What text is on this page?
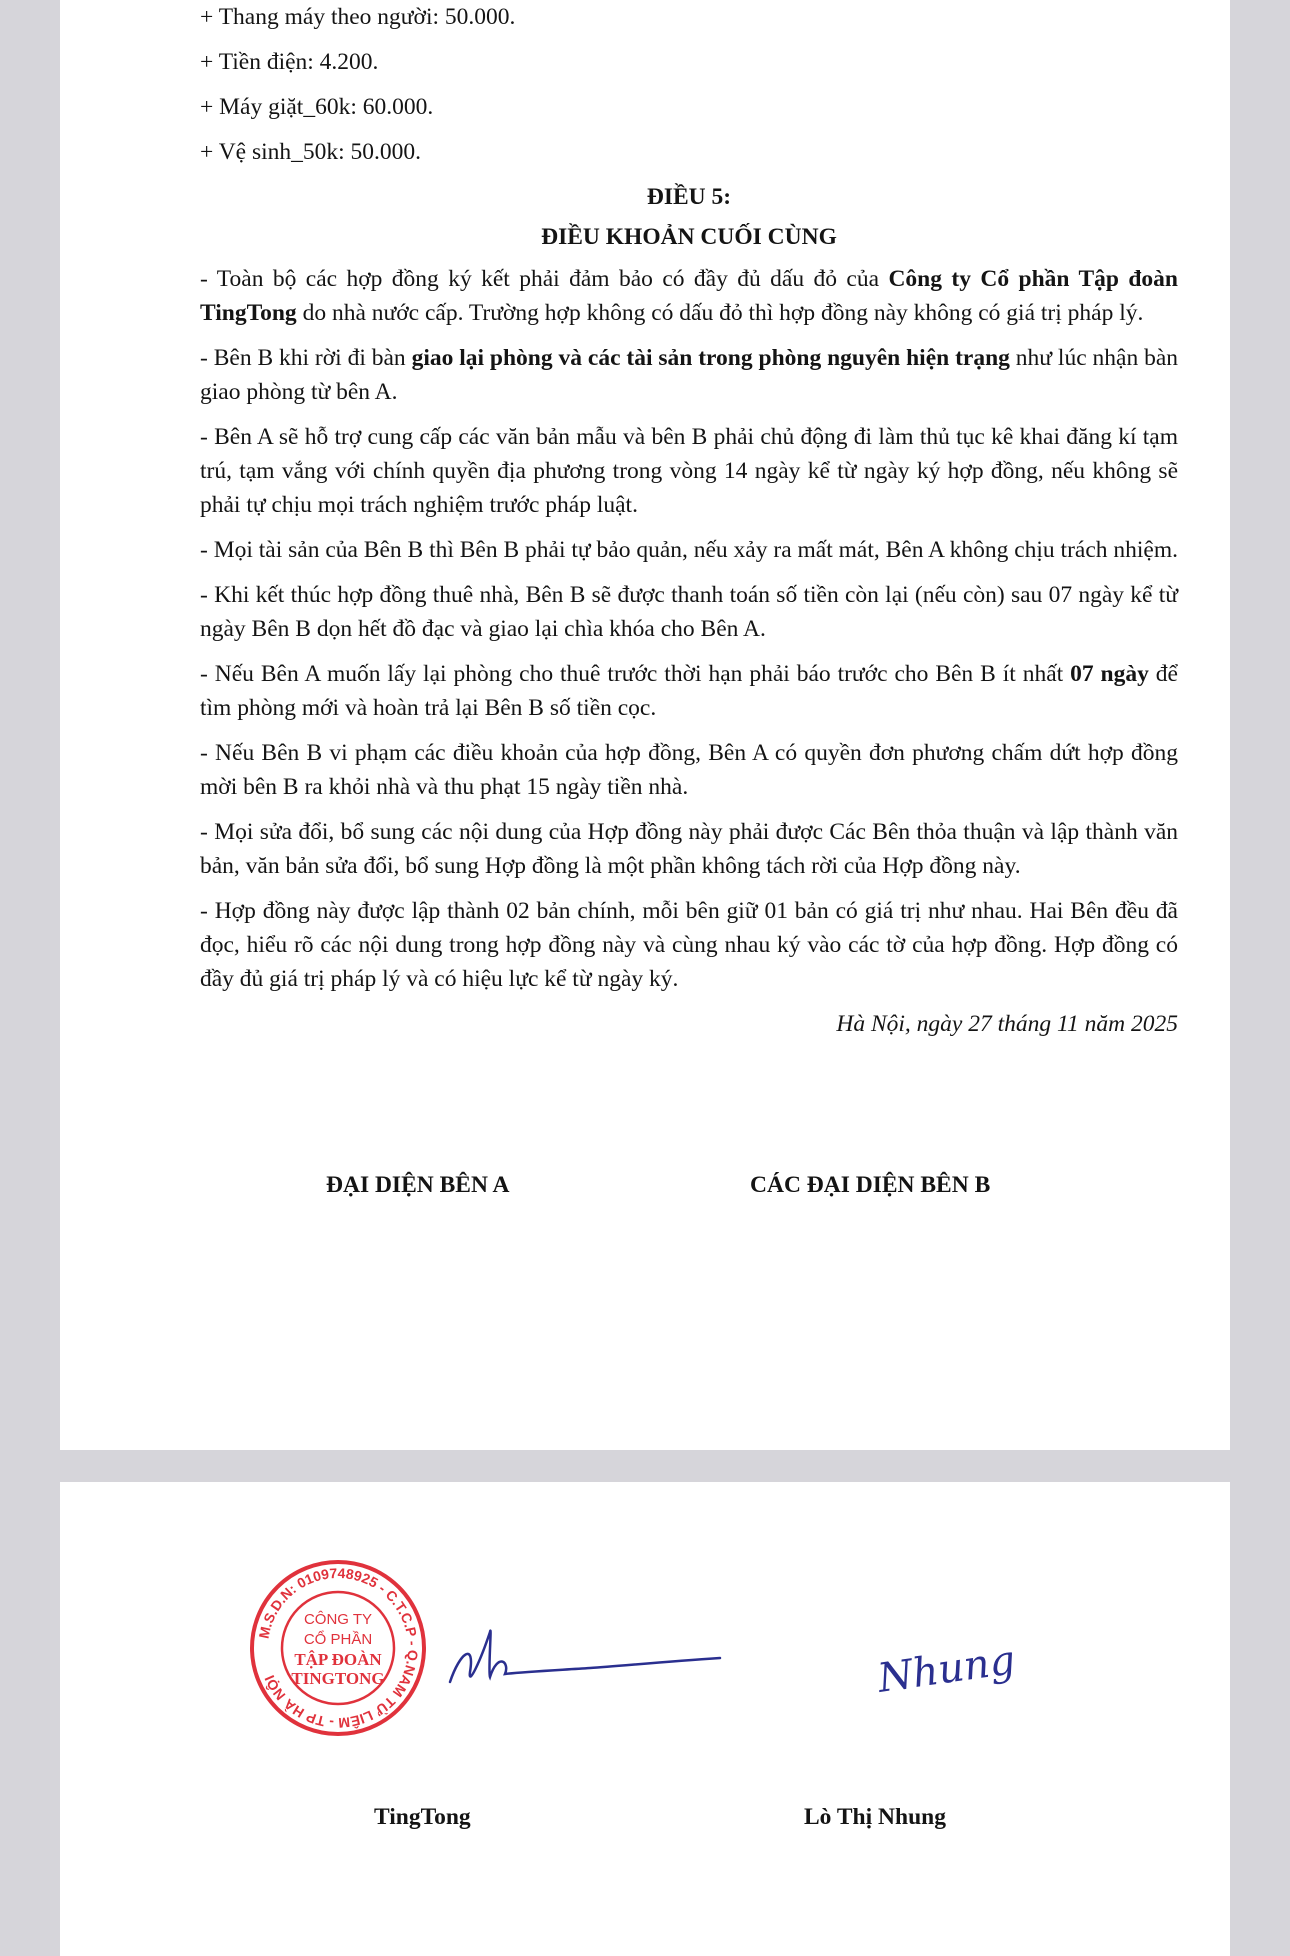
+ Thang máy theo người: 50.000.

+ Tiền điện: 4.200.

+ Máy giặt_60k: 60.000.

+ Vệ sinh_50k: 50.000.

ĐIỀU 5:

ĐIỀU KHOẢN CUỐI CÙNG

- Toàn bộ các hợp đồng ký kết phải đảm bảo có đầy đủ dấu đỏ của Công ty Cổ phần Tập đoàn TingTong do nhà nước cấp. Trường hợp không có dấu đỏ thì hợp đồng này không có giá trị pháp lý.

- Bên B khi rời đi bàn giao lại phòng và các tài sản trong phòng nguyên hiện trạng như lúc nhận bàn giao phòng từ bên A.

- Bên A sẽ hỗ trợ cung cấp các văn bản mẫu và bên B phải chủ động đi làm thủ tục kê khai đăng kí tạm trú, tạm vắng với chính quyền địa phương trong vòng 14 ngày kể từ ngày ký hợp đồng, nếu không sẽ phải tự chịu mọi trách nghiệm trước pháp luật.

- Mọi tài sản của Bên B thì Bên B phải tự bảo quản, nếu xảy ra mất mát, Bên A không chịu trách nhiệm.

- Khi kết thúc hợp đồng thuê nhà, Bên B sẽ được thanh toán số tiền còn lại (nếu còn) sau 07 ngày kể từ ngày Bên B dọn hết đồ đạc và giao lại chìa khóa cho Bên A.

- Nếu Bên A muốn lấy lại phòng cho thuê trước thời hạn phải báo trước cho Bên B ít nhất 07 ngày để tìm phòng mới và hoàn trả lại Bên B số tiền cọc.

- Nếu Bên B vi phạm các điều khoản của hợp đồng, Bên A có quyền đơn phương chấm dứt hợp đồng mời bên B ra khỏi nhà và thu phạt 15 ngày tiền nhà.

- Mọi sửa đổi, bổ sung các nội dung của Hợp đồng này phải được Các Bên thỏa thuận và lập thành văn bản, văn bản sửa đổi, bổ sung Hợp đồng là một phần không tách rời của Hợp đồng này.

- Hợp đồng này được lập thành 02 bản chính, mỗi bên giữ 01 bản có giá trị như nhau. Hai Bên đều đã đọc, hiểu rõ các nội dung trong hợp đồng này và cùng nhau ký vào các tờ của hợp đồng. Hợp đồng có đầy đủ giá trị pháp lý và có hiệu lực kể từ ngày ký.

Hà Nội, ngày 27 tháng 11 năm 2025

ĐẠI DIỆN BÊN A	CÁC ĐẠI DIỆN BÊN B
M.S.D.N: 0109748925 - C.T.C.P - Q.NAM TỪ LIÊM - TP HÀ NỘI
CÔNG TY
CỔ PHẦN
TẬP ĐOÀN
TINGTONG	Nhung
TingTong	Lò Thị Nhung
